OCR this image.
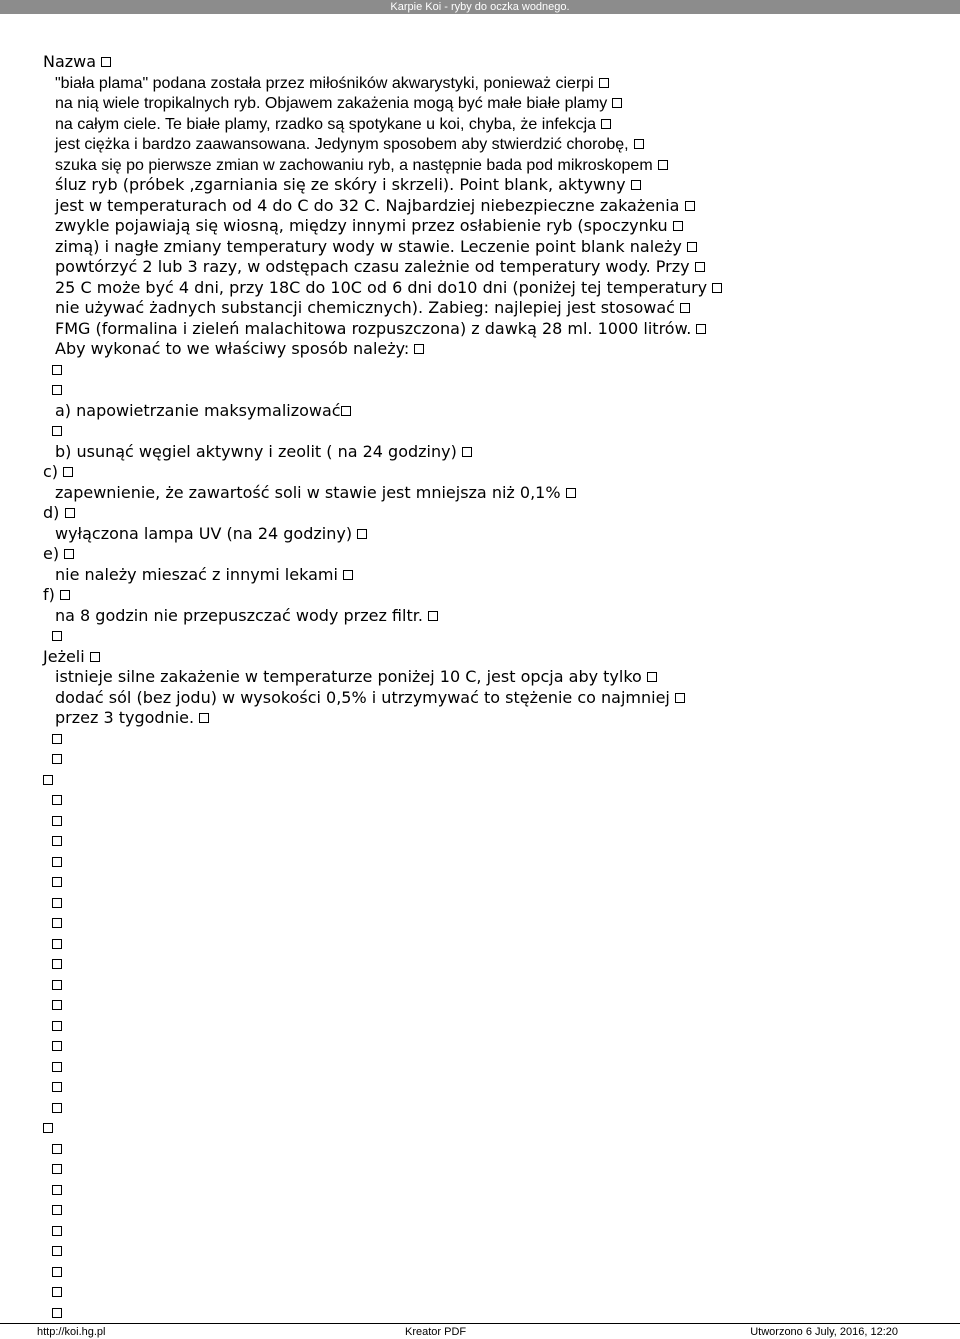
Karpie Koi - ryby do oczka wodnego.
Nazwa
"biała plama" podana została przez miłośników akwarystyki, ponieważ cierpi
na nią wiele tropikalnych ryb. Objawem zakażenia mogą być małe białe plamy
na całym ciele. Te białe plamy, rzadko są spotykane u koi, chyba, że infekcja
jest ciężka i bardzo zaawansowana. Jedynym sposobem aby stwierdzić chorobę,
szuka się po pierwsze zmian w zachowaniu ryb, a następnie bada pod mikroskopem
śluz ryb (próbek ,zgarniania się ze skóry i skrzeli). Point blank, aktywny
jest w temperaturach od 4 do C do 32 C. Najbardziej niebezpieczne zakażenia
zwykle pojawiają się wiosną, między innymi przez osłabienie ryb (spoczynku
zimą) i nagłe zmiany temperatury wody w stawie. Leczenie point blank należy
powtórzyć 2 lub 3 razy, w odstępach czasu zależnie od temperatury wody. Przy
25 C może być 4 dni, przy 18C do 10C od 6 dni do10 dni (poniżej tej temperatury
nie używać żadnych substancji chemicznych). Zabieg: najlepiej jest stosować
FMG (formalina i zieleń malachitowa rozpuszczona) z dawką 28 ml. 1000 litrów.
Aby wykonać to we właściwy sposób należy:
a) napowietrzanie maksymalizować
b) usunąć węgiel aktywny i zeolit ( na 24 godziny)
c)
zapewnienie, że zawartość soli w stawie jest mniejsza niż 0,1%
d)
wyłączona lampa UV (na 24 godziny)
e)
nie należy mieszać z innymi lekami
f)
na 8 godzin nie przepuszczać wody przez filtr.
Jeżeli
istnieje silne zakażenie w temperaturze poniżej 10 C, jest opcja aby tylko
dodać sól (bez jodu) w wysokości 0,5% i utrzymywać to stężenie co najmniej
przez 3 tygodnie.
http://koi.hg.pl	Kreator PDF	Utworzono 6 July, 2016, 12:20
